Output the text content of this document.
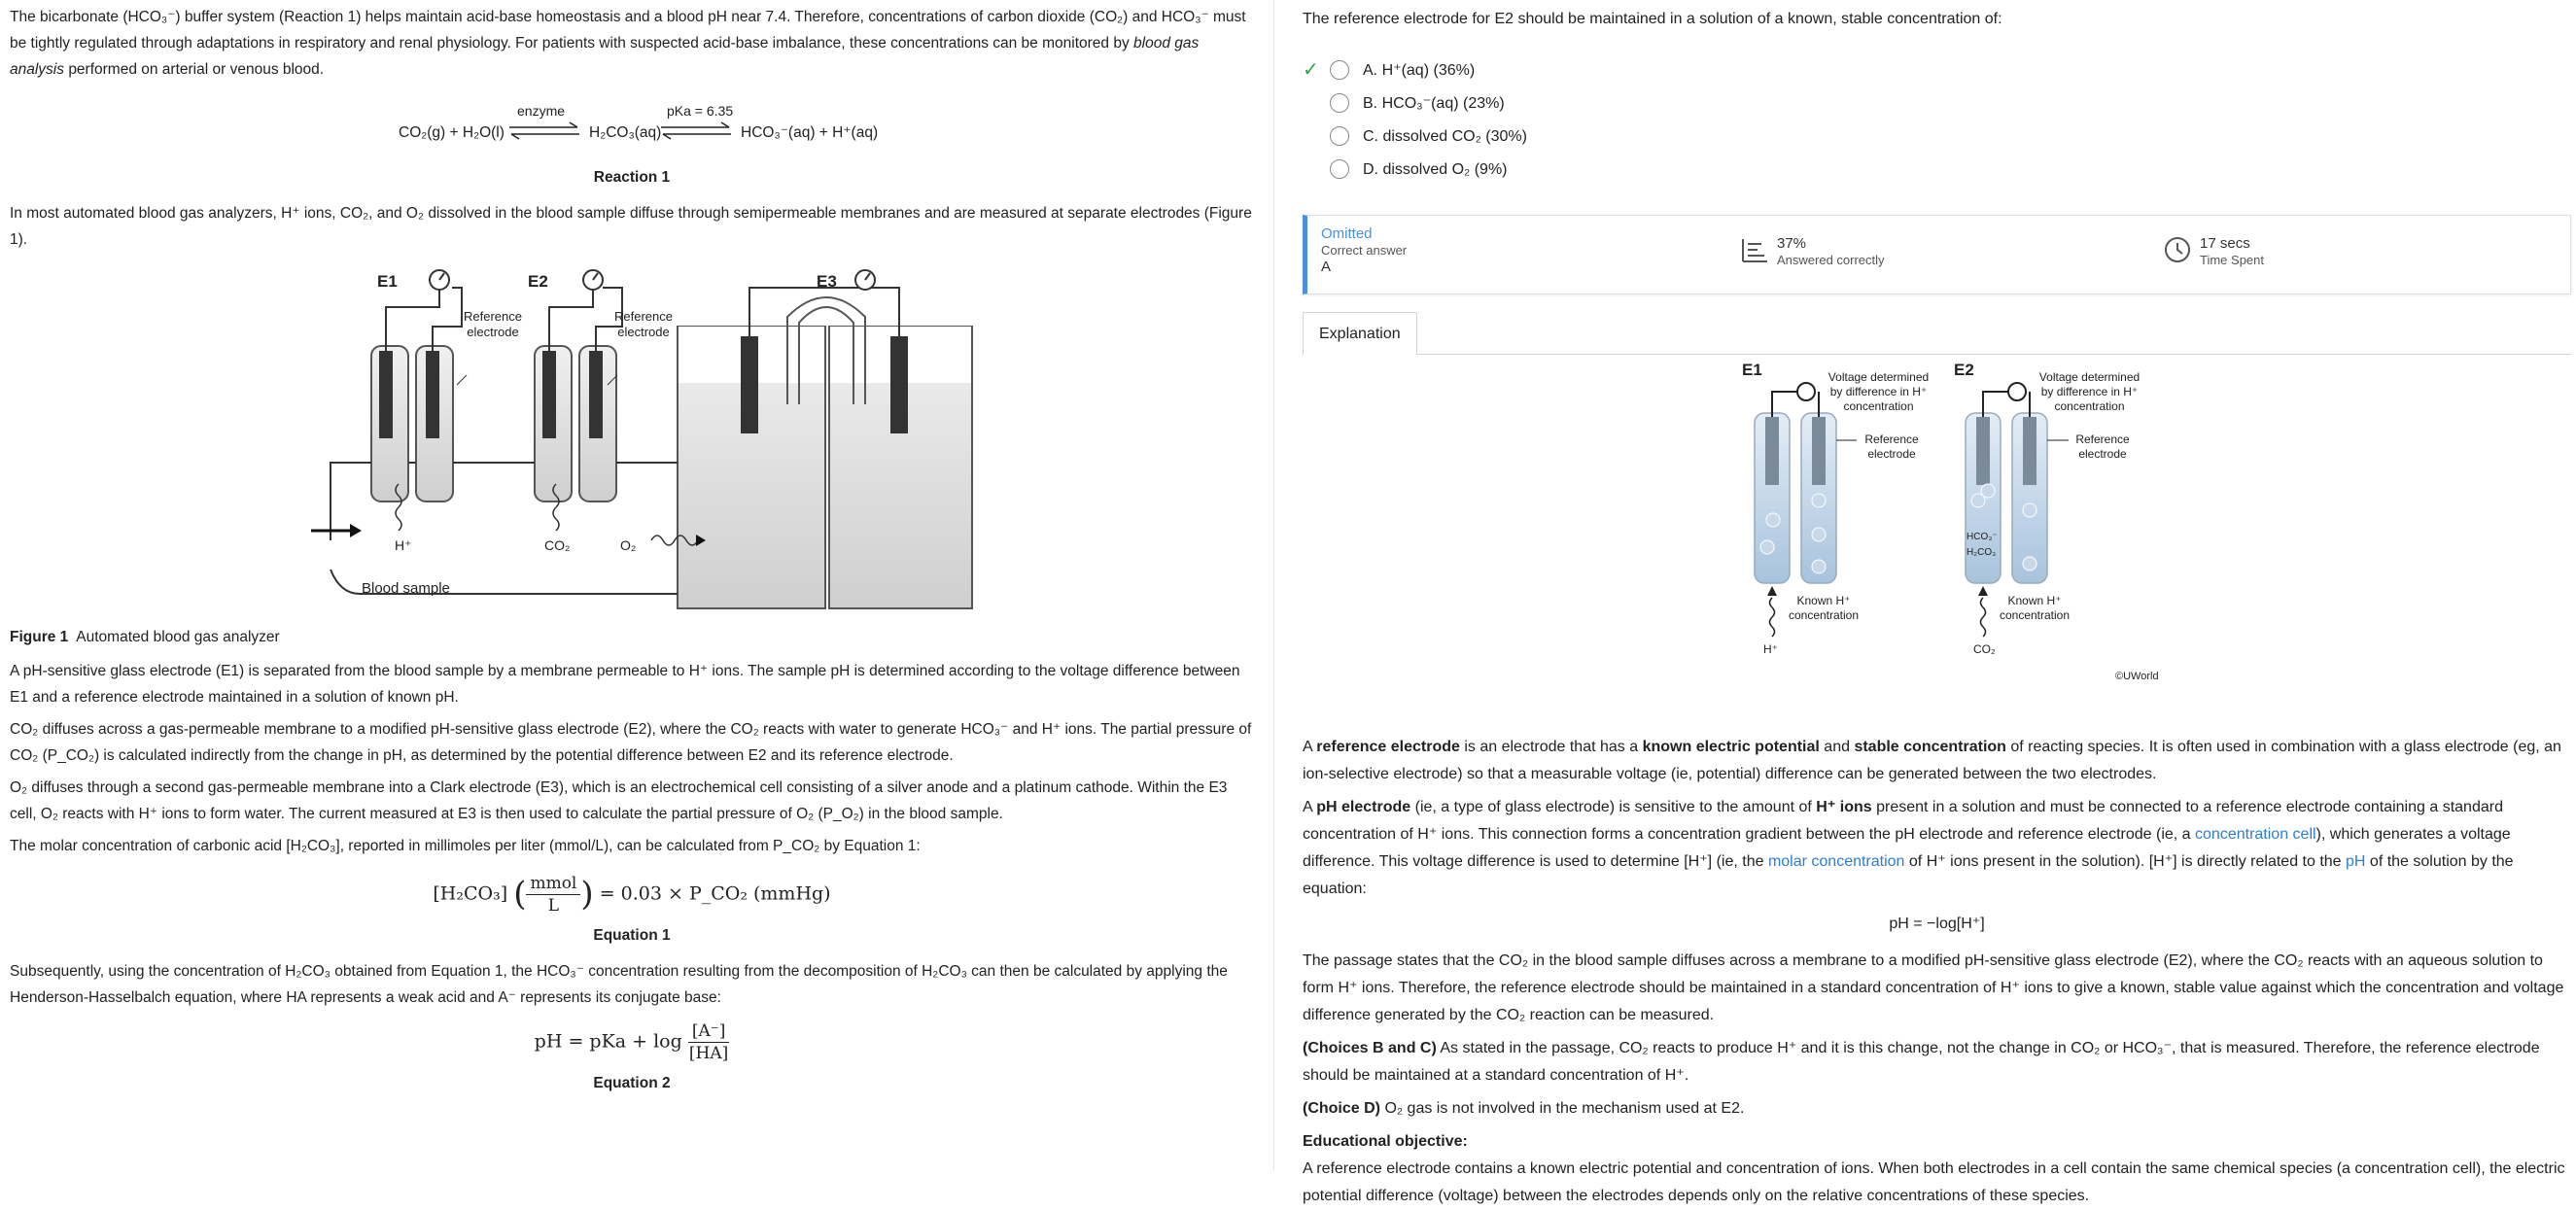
The bicarbonate (HCO₃⁻) buffer system (Reaction 1) helps maintain acid-base homeostasis and a blood pH near 7.4. Therefore, concentrations of carbon dioxide (CO₂) and HCO₃⁻ must be tightly regulated through adaptations in respiratory and renal physiology. For patients with suspected acid-base imbalance, these concentrations can be monitored by blood gas analysis performed on arterial or venous blood.

CO₂(g) + H₂O(l)
enzyme
H₂CO₃(aq)
pKa = 6.35
HCO₃⁻(aq) + H⁺(aq)
Reaction 1

In most automated blood gas analyzers, H⁺ ions, CO₂, and O₂ dissolved in the blood sample diffuse through semipermeable membranes and are measured at separate electrodes (Figure 1).

E1	E2	E3
Reference electrode
Reference electrode
H⁺	CO₂	O₂
Blood sample
Figure 1 Automated blood gas analyzer

A pH-sensitive glass electrode (E1) is separated from the blood sample by a membrane permeable to H⁺ ions. The sample pH is determined according to the voltage difference between E1 and a reference electrode maintained in a solution of known pH.

CO₂ diffuses across a gas-permeable membrane to a modified pH-sensitive glass electrode (E2), where the CO₂ reacts with water to generate HCO₃⁻ and H⁺ ions. The partial pressure of CO₂ (P_CO₂) is calculated indirectly from the change in pH, as determined by the potential difference between E2 and its reference electrode.

O₂ diffuses through a second gas-permeable membrane into a Clark electrode (E3), which is an electrochemical cell consisting of a silver anode and a platinum cathode. Within the E3 cell, O₂ reacts with H⁺ ions to form water. The current measured at E3 is then used to calculate the partial pressure of O₂ (P_O₂) in the blood sample.

The molar concentration of carbonic acid [H₂CO₃], reported in millimoles per liter (mmol/L), can be calculated from P_CO₂ by Equation 1:

[H₂CO₃] ( $\frac{\text{mmol}}{L}$ ) = 0.03 × P_CO₂ (mmHg)
Equation 1

Subsequently, using the concentration of H₂CO₃ obtained from Equation 1, the HCO₃⁻ concentration resulting from the decomposition of H₂CO₃ can then be calculated by applying the Henderson-Hasselbalch equation, where HA represents a weak acid and A⁻ represents its conjugate base:

pH = pKa + $\log \frac{[A^-]}{[HA]}$
Equation 2
The reference electrode for E2 should be maintained in a solution of a known, stable concentration of:
✓	A.
H⁺(aq)
(36%)
B.
HCO₃⁻(aq)
(23%)
C.
dissolved CO₂
(30%)
D.
dissolved O₂
(9%)
Omitted
Correct answer
A
37%
Answered correctly
17 secs
Time Spent
Explanation
E1	E2
Voltage determined by difference in H⁺ concentration
Voltage determined by difference in H⁺ concentration
Reference electrode
Reference electrode
Known H⁺ concentration
Known H⁺ concentration
H⁺	CO₂
HCO₃⁻
H₂CO₃
©UWorld

A reference electrode is an electrode that has a known electric potential and stable concentration of reacting species. It is often used in combination with a glass electrode (eg, an ion-selective electrode) so that a measurable voltage (ie, potential) difference can be generated between the two electrodes.

A pH electrode (ie, a type of glass electrode) is sensitive to the amount of H⁺ ions present in a solution and must be connected to a reference electrode containing a standard concentration of H⁺ ions. This connection forms a concentration gradient between the pH electrode and reference electrode (ie, a concentration cell), which generates a voltage difference. This voltage difference is used to determine [H⁺] (ie, the molar concentration of H⁺ ions present in the solution). [H⁺] is directly related to the pH of the solution by the equation:

pH = −log[H⁺]

The passage states that the CO₂ in the blood sample diffuses across a membrane to a modified pH-sensitive glass electrode (E2), where the CO₂ reacts with an aqueous solution to form H⁺ ions. Therefore, the reference electrode should be maintained in a standard concentration of H⁺ ions to give a known, stable value against which the concentration and voltage difference generated by the CO₂ reaction can be measured.

(Choices B and C) As stated in the passage, CO₂ reacts to produce H⁺ and it is this change, not the change in CO₂ or HCO₃⁻, that is measured. Therefore, the reference electrode should be maintained at a standard concentration of H⁺.

(Choice D) O₂ gas is not involved in the mechanism used at E2.

Educational objective:

A reference electrode contains a known electric potential and concentration of ions. When both electrodes in a cell contain the same chemical species (a concentration cell), the electric potential difference (voltage) between the electrodes depends only on the relative concentrations of these species.
